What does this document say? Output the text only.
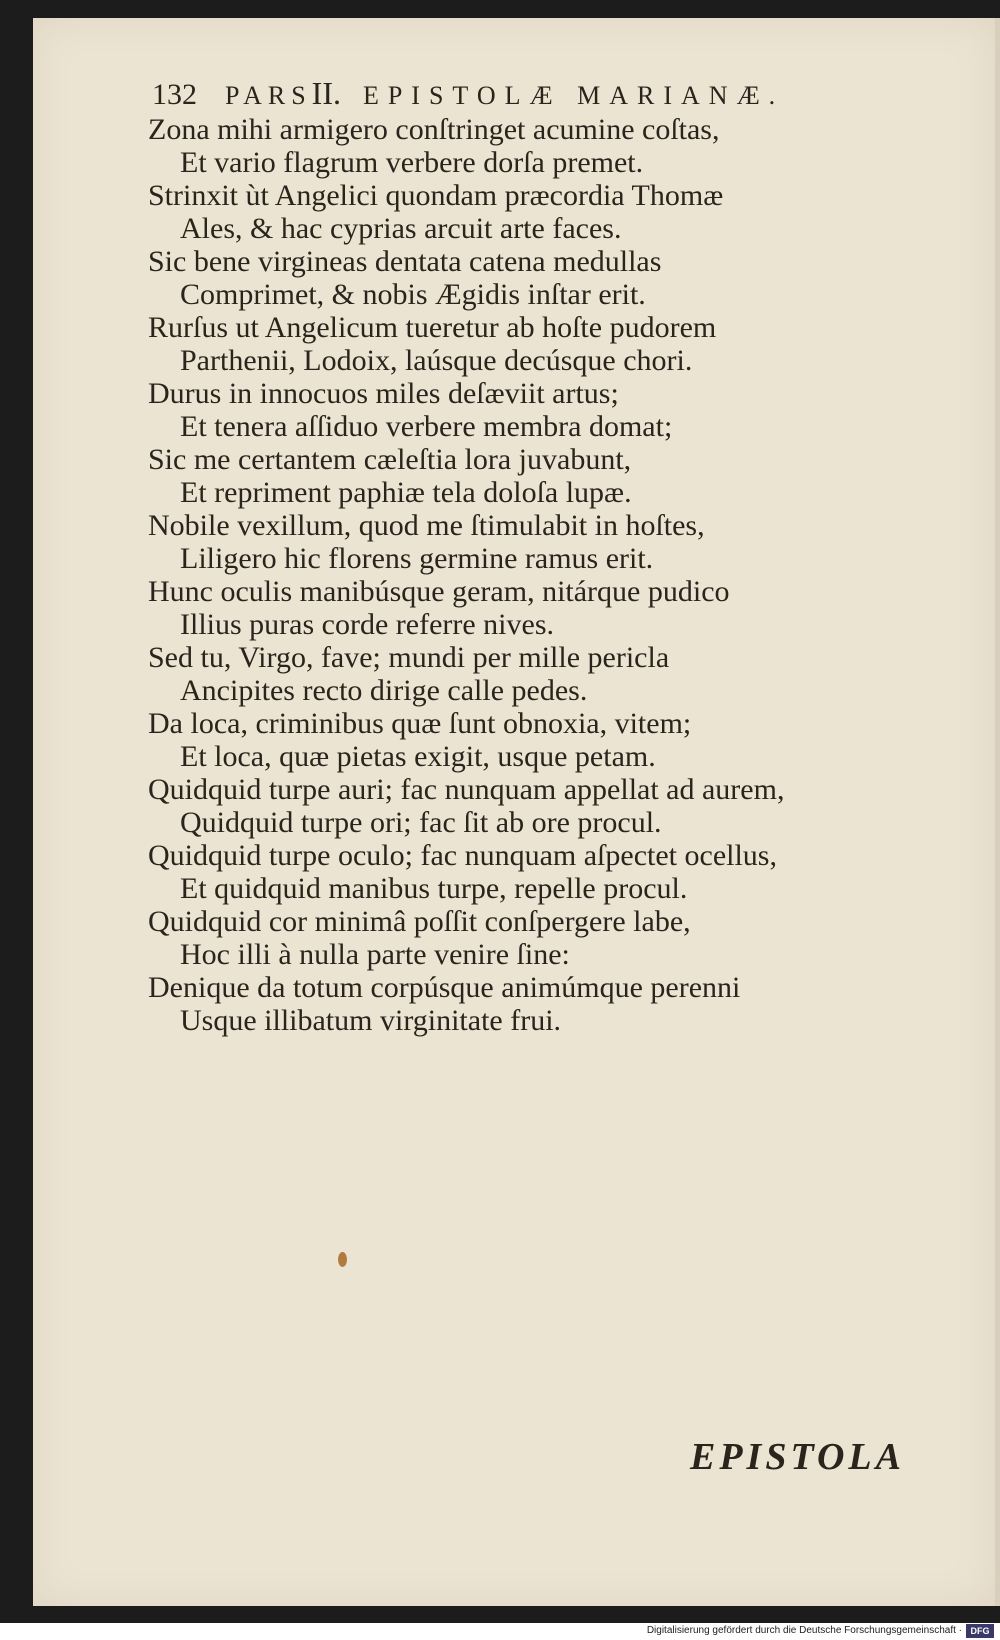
132 PARSII. EPISTOLÆ MARIANÆ.
Zona mihi armigero conſtringet acumine coſtas,
Et vario flagrum verbere dorſa premet.
Strinxit ùt Angelici quondam præcordia Thomæ
Ales, & hac cyprias arcuit arte faces.
Sic bene virgineas dentata catena medullas
Comprimet, & nobis Ægidis inſtar erit.
Rurſus ut Angelicum tueretur ab hoſte pudorem
Parthenii, Lodoix, laúsque decúsque chori.
Durus in innocuos miles deſæviit artus;
Et tenera aſſiduo verbere membra domat;
Sic me certantem cæleſtia lora juvabunt,
Et repriment paphiæ tela doloſa lupæ.
Nobile vexillum, quod me ſtimulabit in hoſtes,
Liligero hic florens germine ramus erit.
Hunc oculis manibúsque geram, nitárque pudico
Illius puras corde referre nives.
Sed tu, Virgo, fave; mundi per mille pericla
Ancipites recto dirige calle pedes.
Da loca, criminibus quæ ſunt obnoxia, vitem;
Et loca, quæ pietas exigit, usque petam.
Quidquid turpe auri; fac nunquam appellat ad aurem,
Quidquid turpe ori; fac ſit ab ore procul.
Quidquid turpe oculo; fac nunquam aſpectet ocellus,
Et quidquid manibus turpe, repelle procul.
Quidquid cor minimâ poſſit conſpergere labe,
Hoc illi à nulla parte venire ſine:
Denique da totum corpúsque animúmque perenni
Usque illibatum virginitate frui.
EPISTOLA
Digitalisierung gefördert durch die Deutsche Forschungsgemeinschaft · DFG
